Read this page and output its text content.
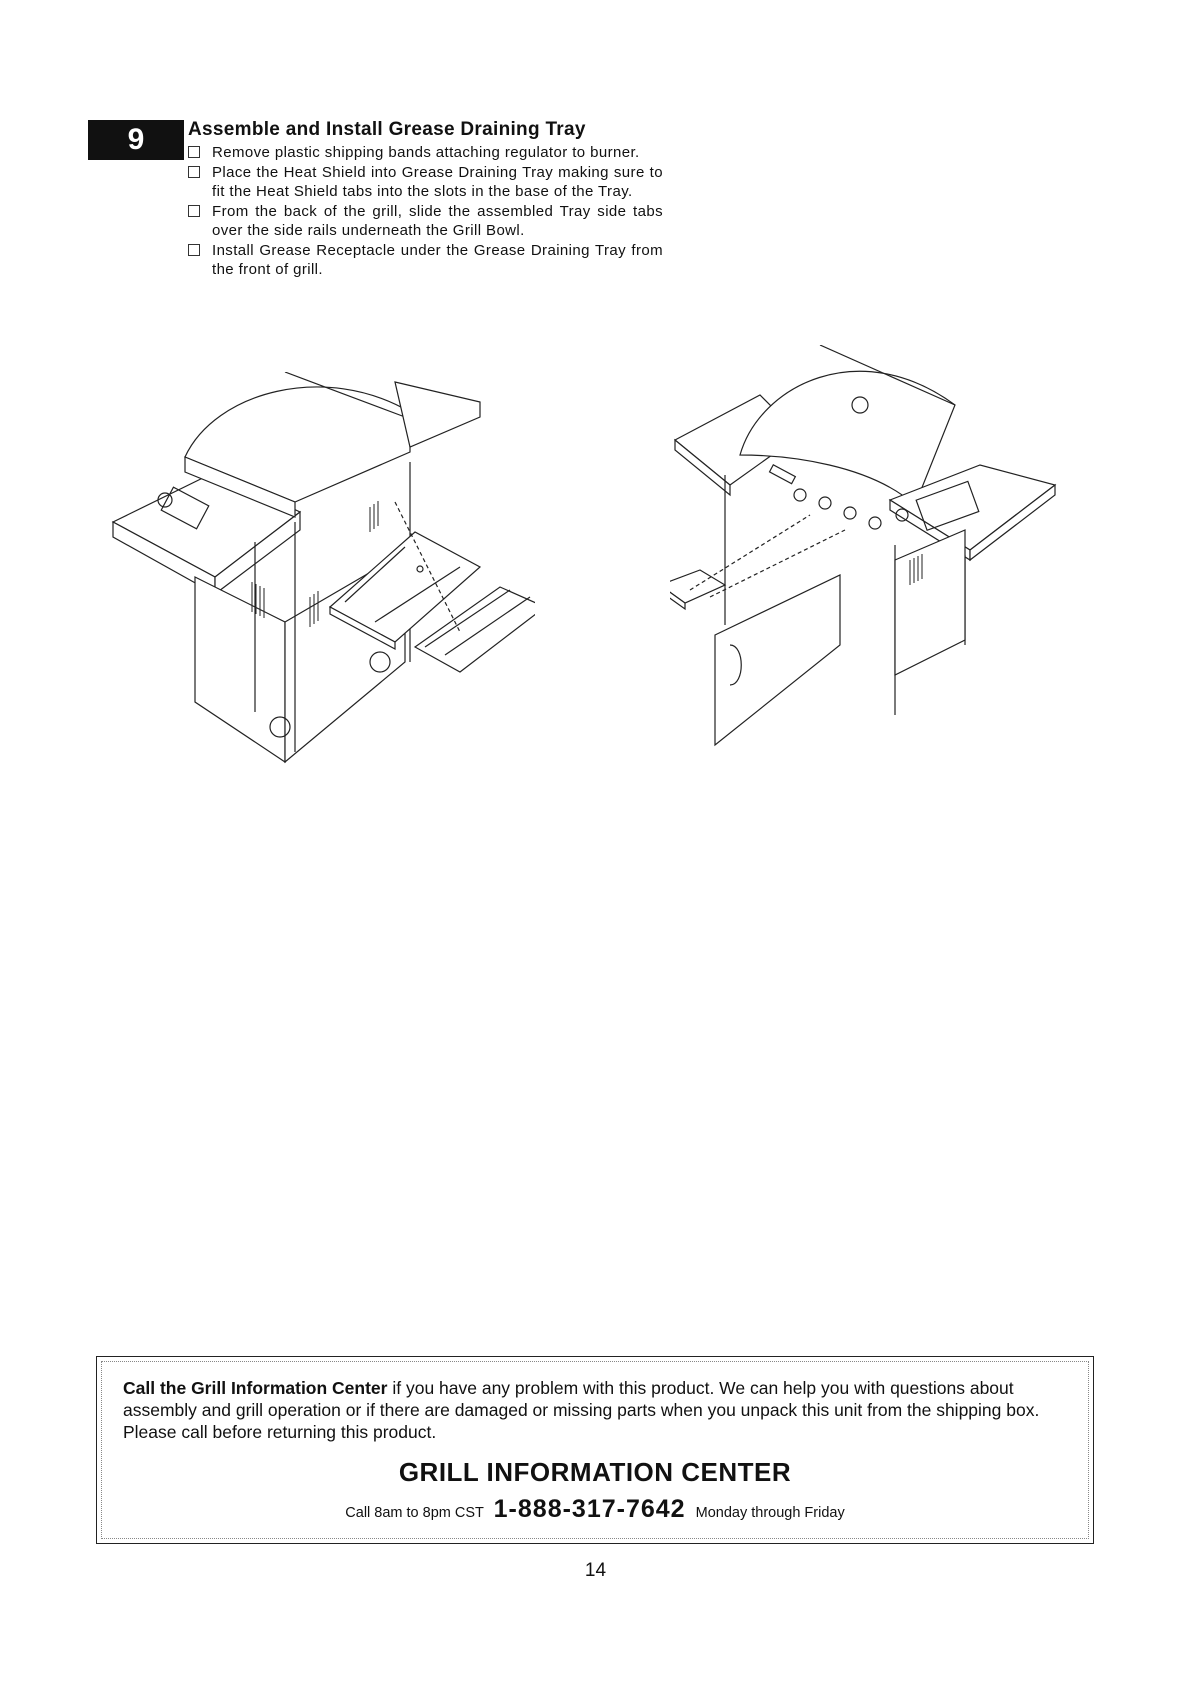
9 Assemble and Install Grease Draining Tray
Remove plastic shipping bands attaching regulator to burner.
Place the Heat Shield into Grease Draining Tray making sure to fit the Heat Shield tabs into the slots in the base of the Tray.
From the back of the grill, slide the assembled Tray side tabs over the side rails underneath the Grill Bowl.
Install Grease Receptacle under the Grease Draining Tray from the front of grill.

Call the Grill Information Center if you have any problem with this product. We can help you with questions about assembly and grill operation or if there are damaged or missing parts when you unpack this unit from the shipping box. Please call before returning this product.

GRILL INFORMATION CENTER
Call 8am to 8pm CST 1-888-317-7642 Monday through Friday
14
